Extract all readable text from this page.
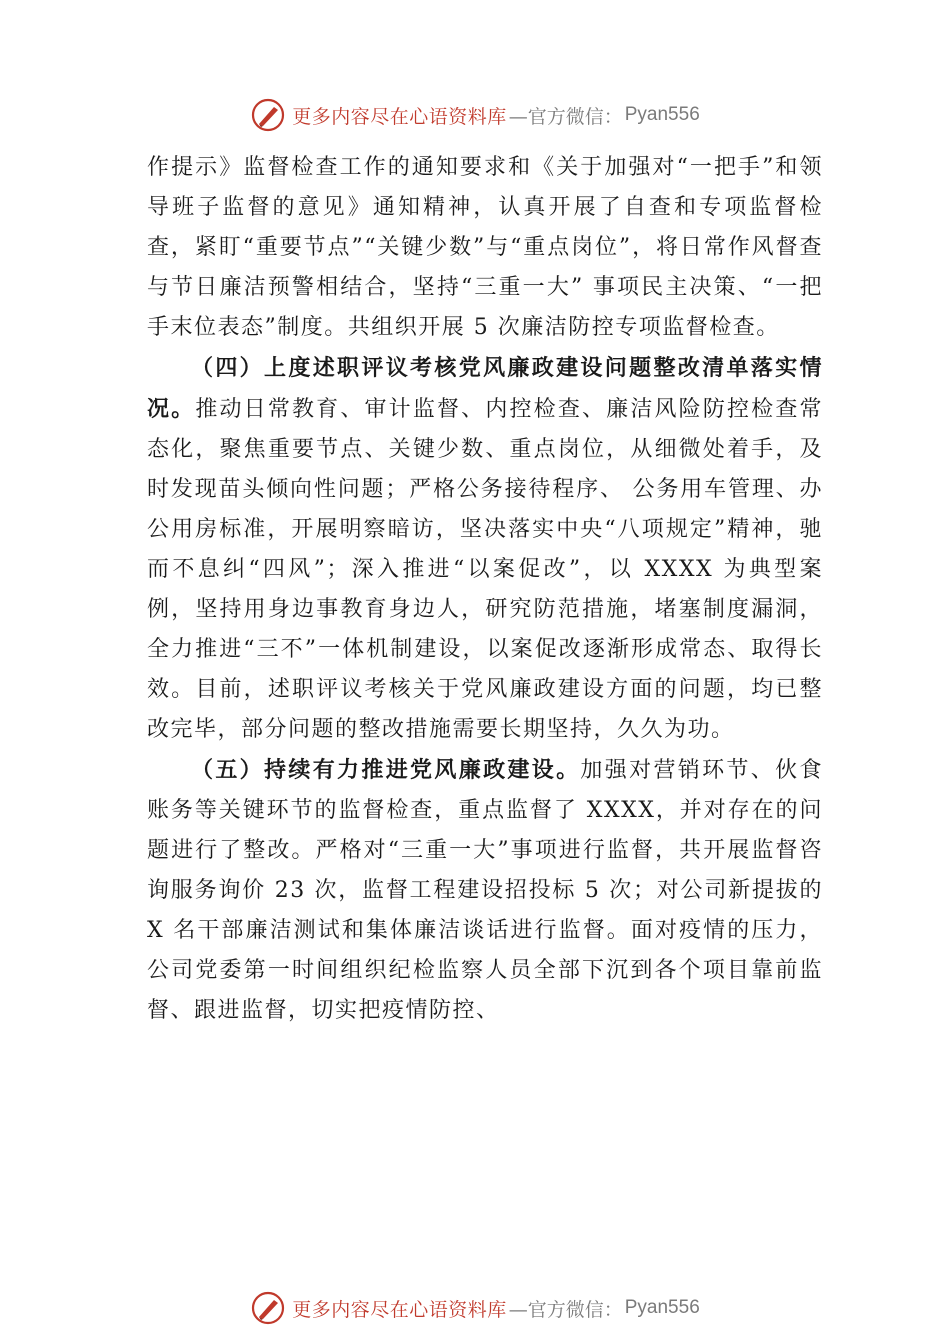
更多内容尽在心语资料库 —官方微信： Pyan556

作提示》监督检查工作的通知要求和《关于加强对“一把手”和领导班子监督的意见》通知精神，认真开展了自查和专项监督检查，紧盯“重要节点”“关键少数”与“重点岗位”，将日常作风督查与节日廉洁预警相结合，坚持“三重一大” 事项民主决策、“一把手末位表态”制度。共组织开展 5 次廉洁防控专项监督检查。

（四）上度述职评议考核党风廉政建设问题整改清单落实情况。推动日常教育、审计监督、内控检查、廉洁风险防控检查常态化，聚焦重要节点、关键少数、重点岗位，从细微处着手，及时发现苗头倾向性问题；严格公务接待程序、 公务用车管理、办公用房标准，开展明察暗访，坚决落实中央“八项规定”精神，驰而不息纠“四风”；深入推进“以案促改”，以 XXXX 为典型案例，坚持用身边事教育身边人，研究防范措施，堵塞制度漏洞，全力推进“三不”一体机制建设，以案促改逐渐形成常态、取得长效。目前，述职评议考核关于党风廉政建设方面的问题，均已整改完毕，部分问题的整改措施需要长期坚持，久久为功。

（五）持续有力推进党风廉政建设。加强对营销环节、伙食账务等关键环节的监督检查，重点监督了 XXXX，并对存在的问题进行了整改。严格对“三重一大”事项进行监督，共开展监督咨询服务询价 23 次，监督工程建设招投标 5 次；对公司新提拔的 X 名干部廉洁测试和集体廉洁谈话进行监督。面对疫情的压力，公司党委第一时间组织纪检监察人员全部下沉到各个项目靠前监督、跟进监督，切实把疫情防控、

更多内容尽在心语资料库 —官方微信： Pyan556
